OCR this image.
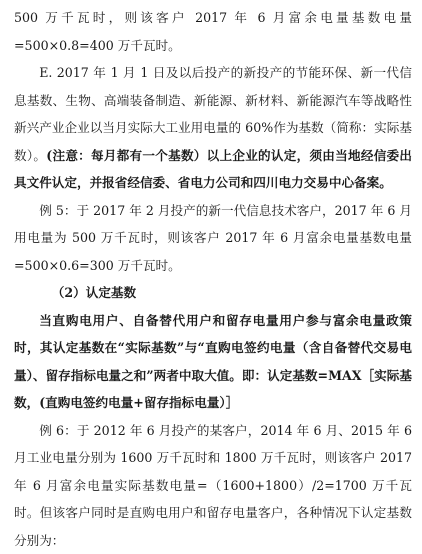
500 万千瓦时，则该客户 2017 年 6 月富余电量基数电量=500×0.8=400 万千瓦时。

E. 2017 年 1 月 1 日及以后投产的新投产的节能环保、新一代信息基数、生物、高端装备制造、新能源、新材料、新能源汽车等战略性新兴产业企业以当月实际大工业用电量的 60%作为基数（简称：实际基数）。(注意：每月都有一个基数）以上企业的认定，须由当地经信委出具文件认定，并报省经信委、省电力公司和四川电力交易中心备案。

例 5：于 2017 年 2 月投产的新一代信息技术客户，2017 年 6 月用电量为 500 万千瓦时，则该客户 2017 年 6 月富余电量基数电量=500×0.6=300 万千瓦时。

（2）认定基数

当直购电用户、自备替代用户和留存电量用户参与富余电量政策时，其认定基数在“实际基数”与“直购电签约电量（含自备替代交易电量）、留存指标电量之和”两者中取大值。即：认定基数=MAX［实际基数，(直购电签约电量+留存指标电量）］

例 6：于 2012 年 6 月投产的某客户，2014 年 6 月、2015 年 6 月工业电量分别为 1600 万千瓦时和 1800 万千瓦时，则该客户 2017 年 6 月富余电量实际基数电量=（1600+1800）/2=1700 万千瓦时。但该客户同时是直购电用户和留存电量客户，各种情况下认定基数分别为：
